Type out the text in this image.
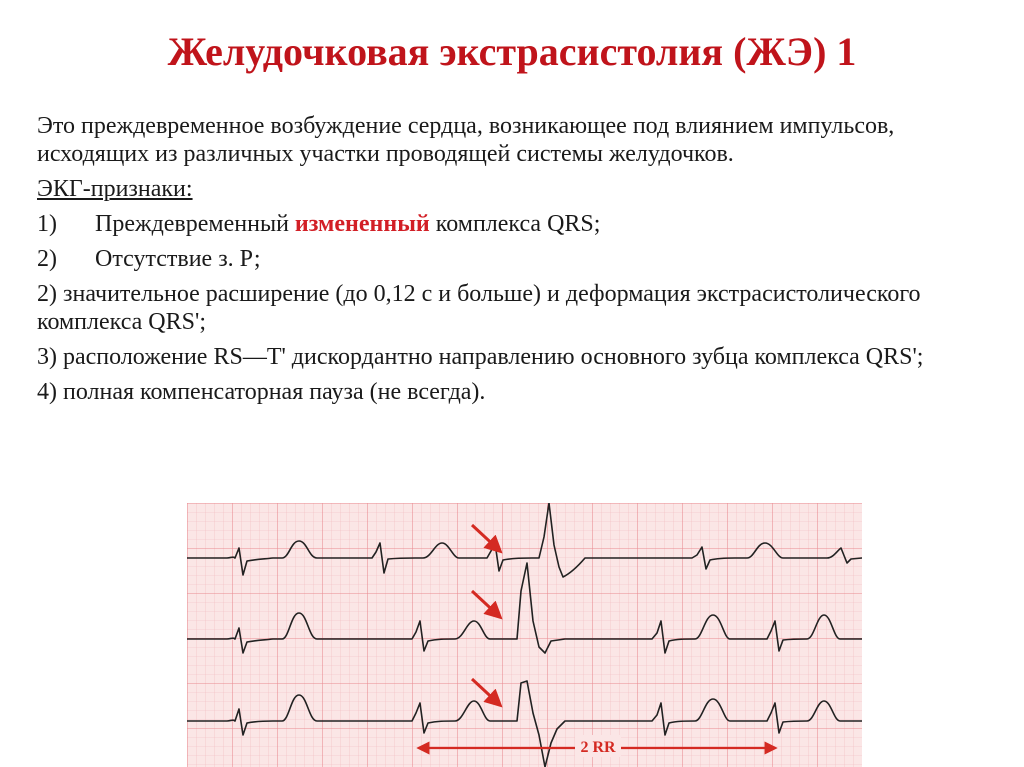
Желудочковая экстрасистолия (ЖЭ) 1

Это преждевременное возбуждение сердца, возникающее под влиянием импульсов, исходящих из различных участки проводящей системы желудочков.

ЭКГ-признаки:

1) Преждевременный измененный комплекса QRS;

2) Отсутствие з. Р;

2) значительное расширение (до 0,12 с и больше) и деформация экстрасистолического комплекса QRS';

3) расположение RS—T' дискордантно направлению основного зубца комплекса QRS';

4) полная компенсаторная пауза (не всегда).

2 RR
